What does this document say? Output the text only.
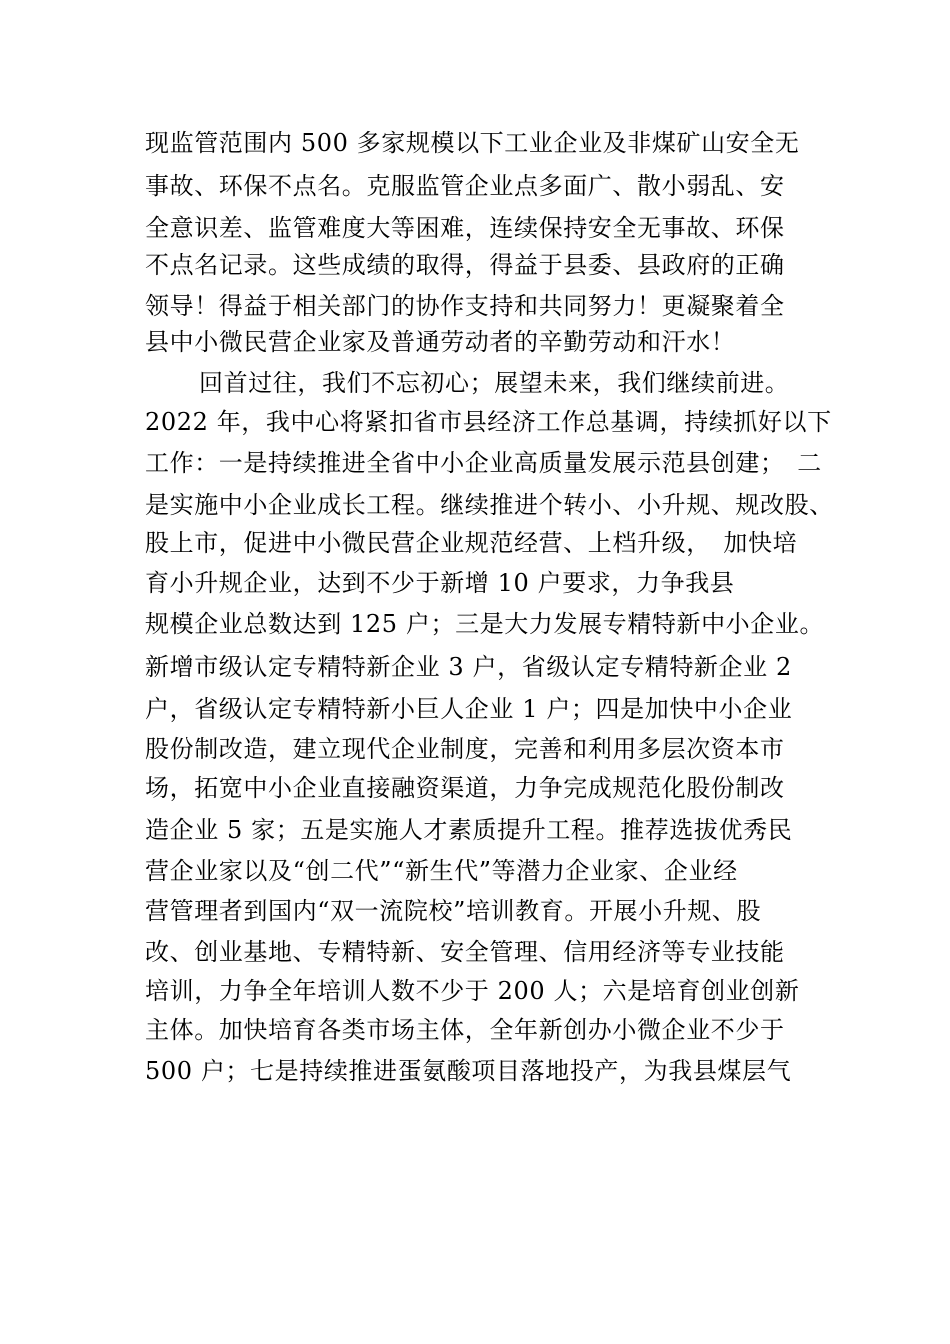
现监管范围内 500 多家规模以下工业企业及非煤矿山安全无
事故、环保不点名。克服监管企业点多面广、散小弱乱、安
全意识差、监管难度大等困难，连续保持安全无事故、环保
不点名记录。这些成绩的取得，得益于县委、县政府的正确
领导！得益于相关部门的协作支持和共同努力！更凝聚着全
县中小微民营企业家及普通劳动者的辛勤劳动和汗水！
回首过往，我们不忘初心；展望未来，我们继续前进。
2022 年，我中心将紧扣省市县经济工作总基调，持续抓好以下
工作：一是持续推进全省中小企业高质量发展示范县创建；　二
是实施中小企业成长工程。继续推进个转小、小升规、规改股、
股上市，促进中小微民营企业规范经营、上档升级，　加快培
育小升规企业，达到不少于新增 10 户要求，力争我县
规模企业总数达到 125 户；三是大力发展专精特新中小企业。
新增市级认定专精特新企业 3 户，省级认定专精特新企业 2
户，省级认定专精特新小巨人企业 1 户；四是加快中小企业
股份制改造，建立现代企业制度，完善和利用多层次资本市
场，拓宽中小企业直接融资渠道，力争完成规范化股份制改
造企业 5 家；五是实施人才素质提升工程。推荐选拔优秀民
营企业家以及“创二代”“新生代”等潜力企业家、企业经
营管理者到国内“双一流院校”培训教育。开展小升规、股
改、创业基地、专精特新、安全管理、信用经济等专业技能
培训，力争全年培训人数不少于 200 人；六是培育创业创新
主体。加快培育各类市场主体，全年新创办小微企业不少于
500 户；七是持续推进蛋氨酸项目落地投产，为我县煤层气
